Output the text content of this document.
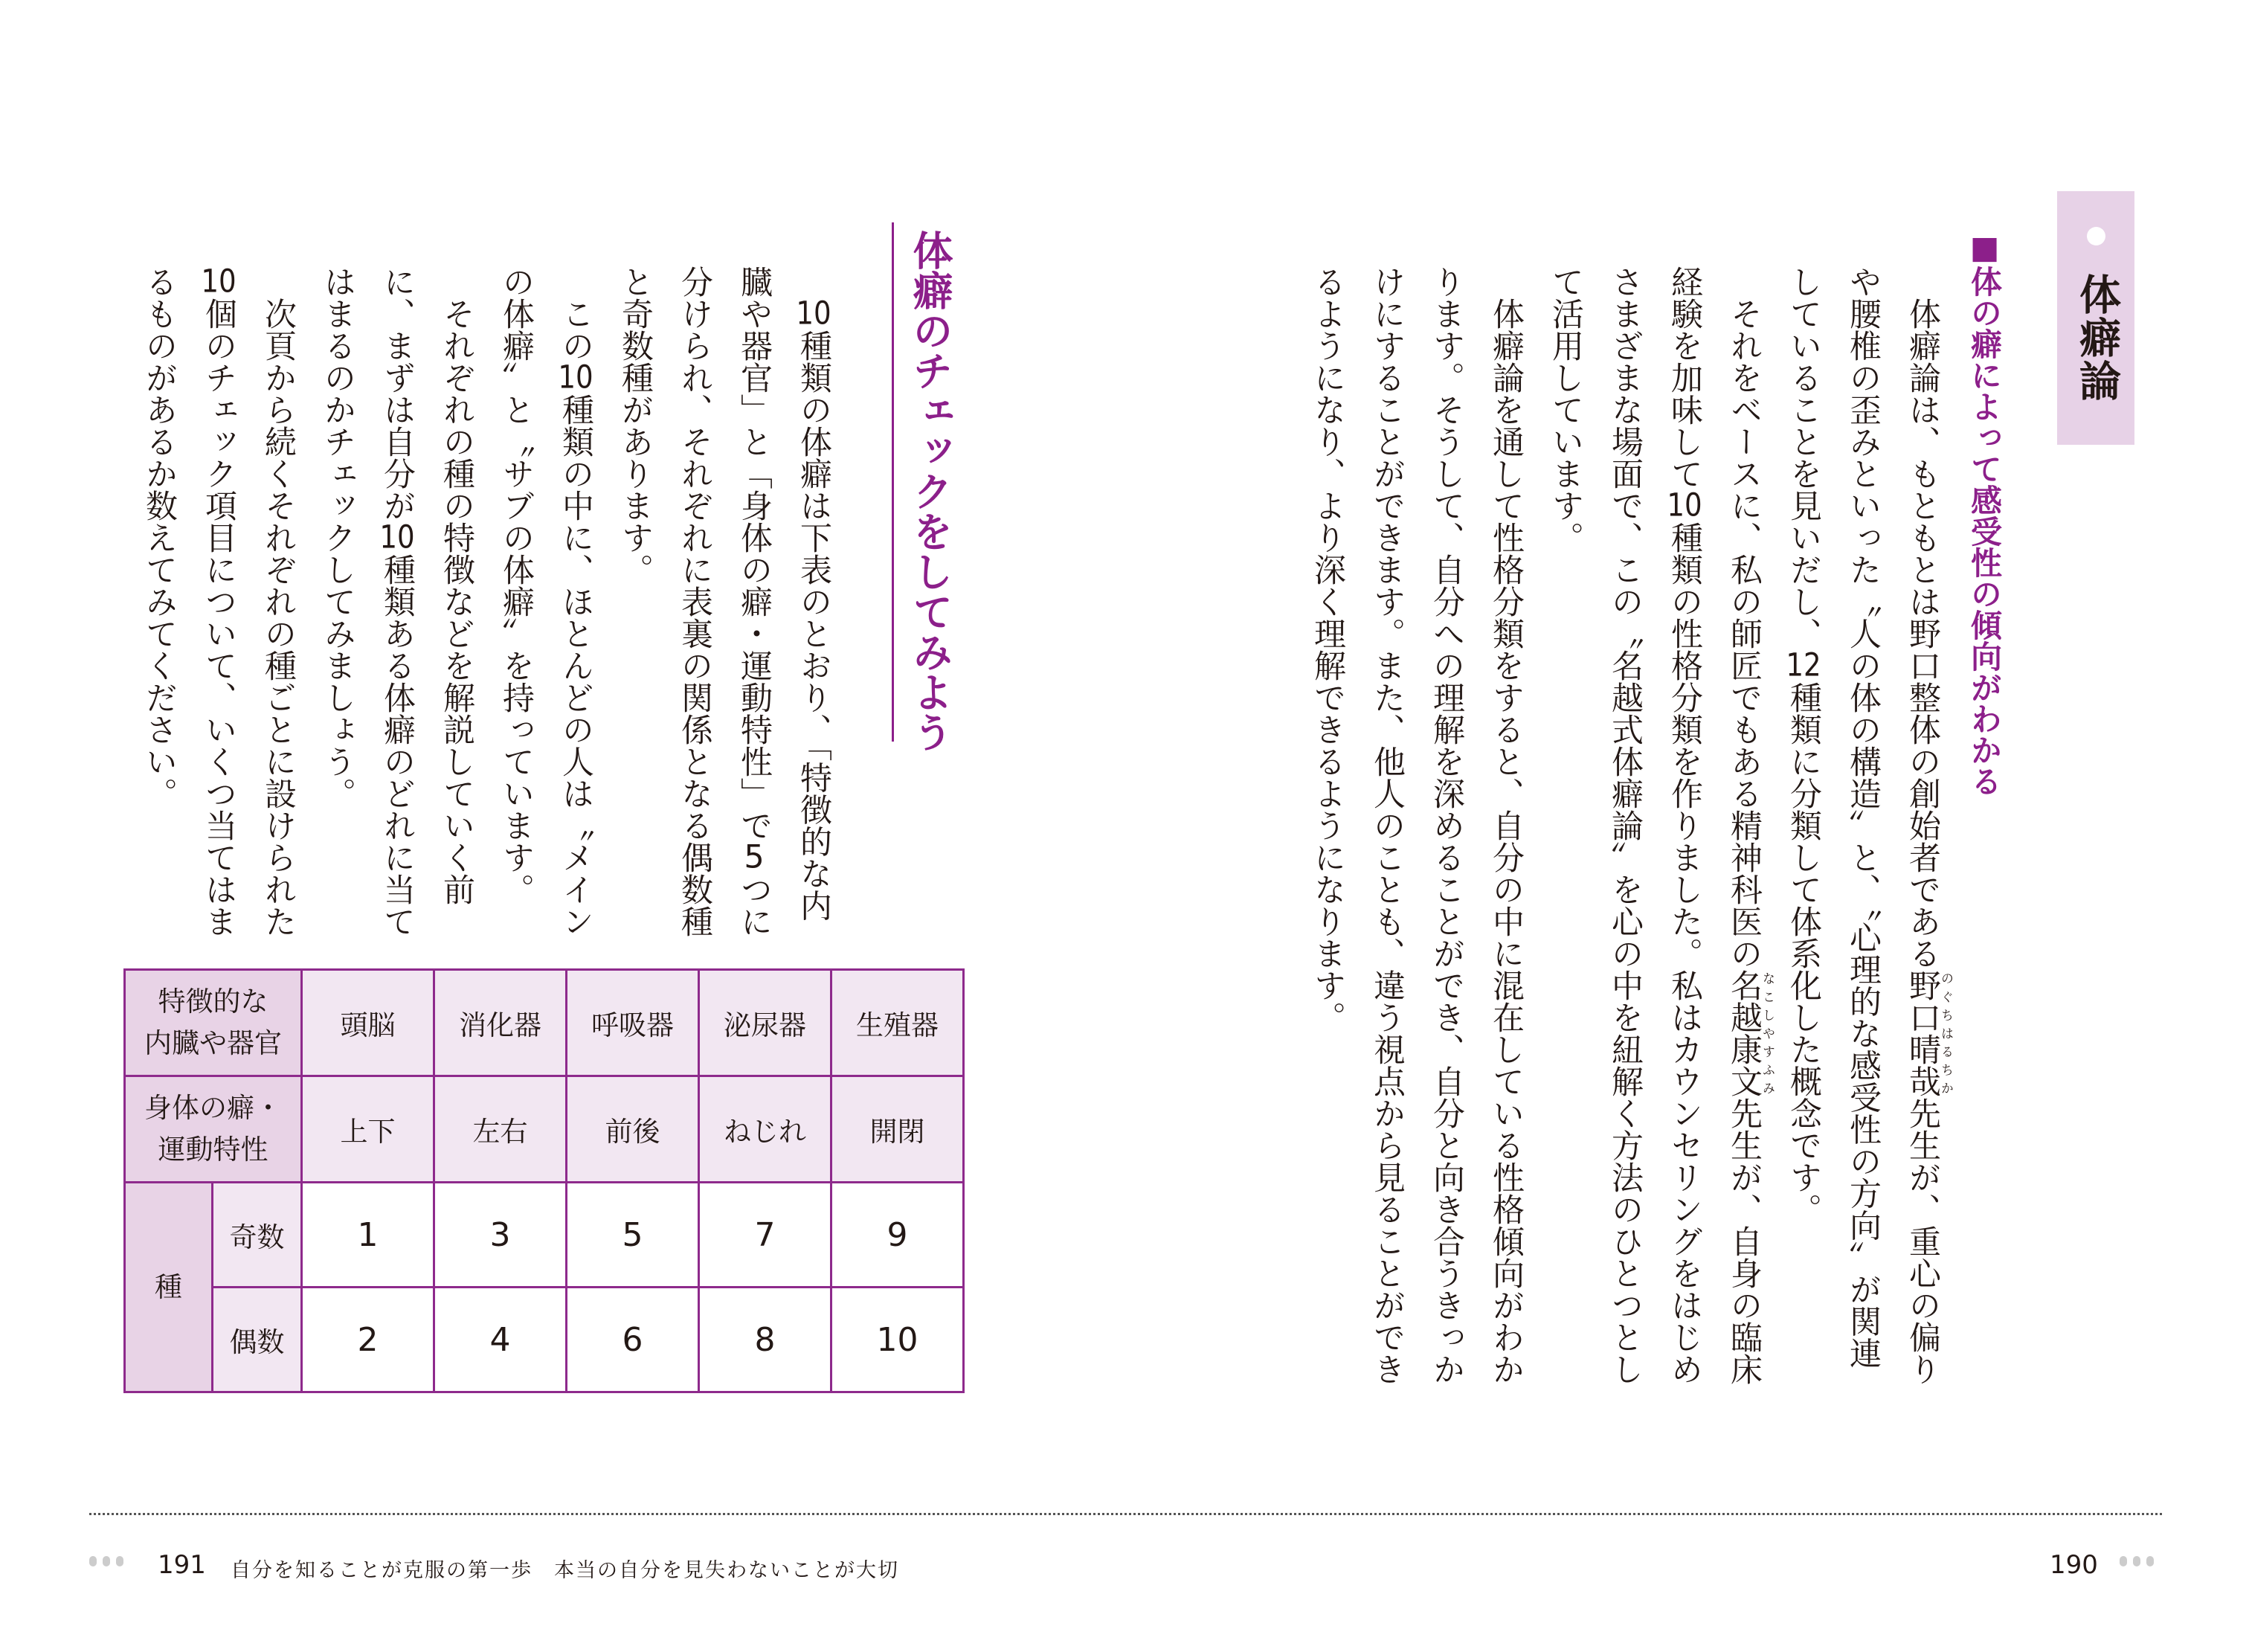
体癖論
■体の癖によって感受性の傾向がわかる

体癖論は、もともとは野口整体の創始者である野口晴哉のぐちはるちか先生が、重心の偏りや腰椎の歪みといった〝人の体の構造〟と、〝心理的な感受性の方向〟が関連していることを見いだし、12種類に分類して体系化した概念です。

それをベースに、私の師匠でもある精神科医の名越康文なこしやすふみ先生が、自身の臨床経験を加味して10種類の性格分類を作りました。私はカウンセリングをはじめさまざまな場面で、この〝名越式体癖論〟を心の中を紐解く方法のひとつとして活用しています。

体癖論を通して性格分類をすると、自分の中に混在している性格傾向がわかります。そうして、自分への理解を深めることができ、自分と向き合うきっかけにすることができます。また、他人のことも、違う視点から見ることができるようになり、より深く理解できるようになります。

体癖のチェックをしてみよう

10種類の体癖は下表のとおり、「特徴的な内臓や器官」と「身体の癖・運動特性」で5つに分けられ、それぞれに表裏の関係となる偶数種と奇数種があります。

この10種類の中に、ほとんどの人は〝メインの体癖〟と〝サブの体癖〟を持っています。

それぞれの種の特徴などを解説していく前に、まずは自分が10種類ある体癖のどれに当てはまるのかチェックしてみましょう。

次頁から続くそれぞれの種ごとに設けられた10個のチェック項目について、いくつ当てはまるものがあるか数えてみてください。

特徴的な
内臓や器官		頭脳	消化器	呼吸器	泌尿器	生殖器
身体の癖・
運動特性		上下	左右	前後	ねじれ	開閉
種	奇数	1	3	5	7	9
	偶数	2	4	6	8	10
191 自分を知ることが克服の第一歩　本当の自分を見失わないことが大切	190
